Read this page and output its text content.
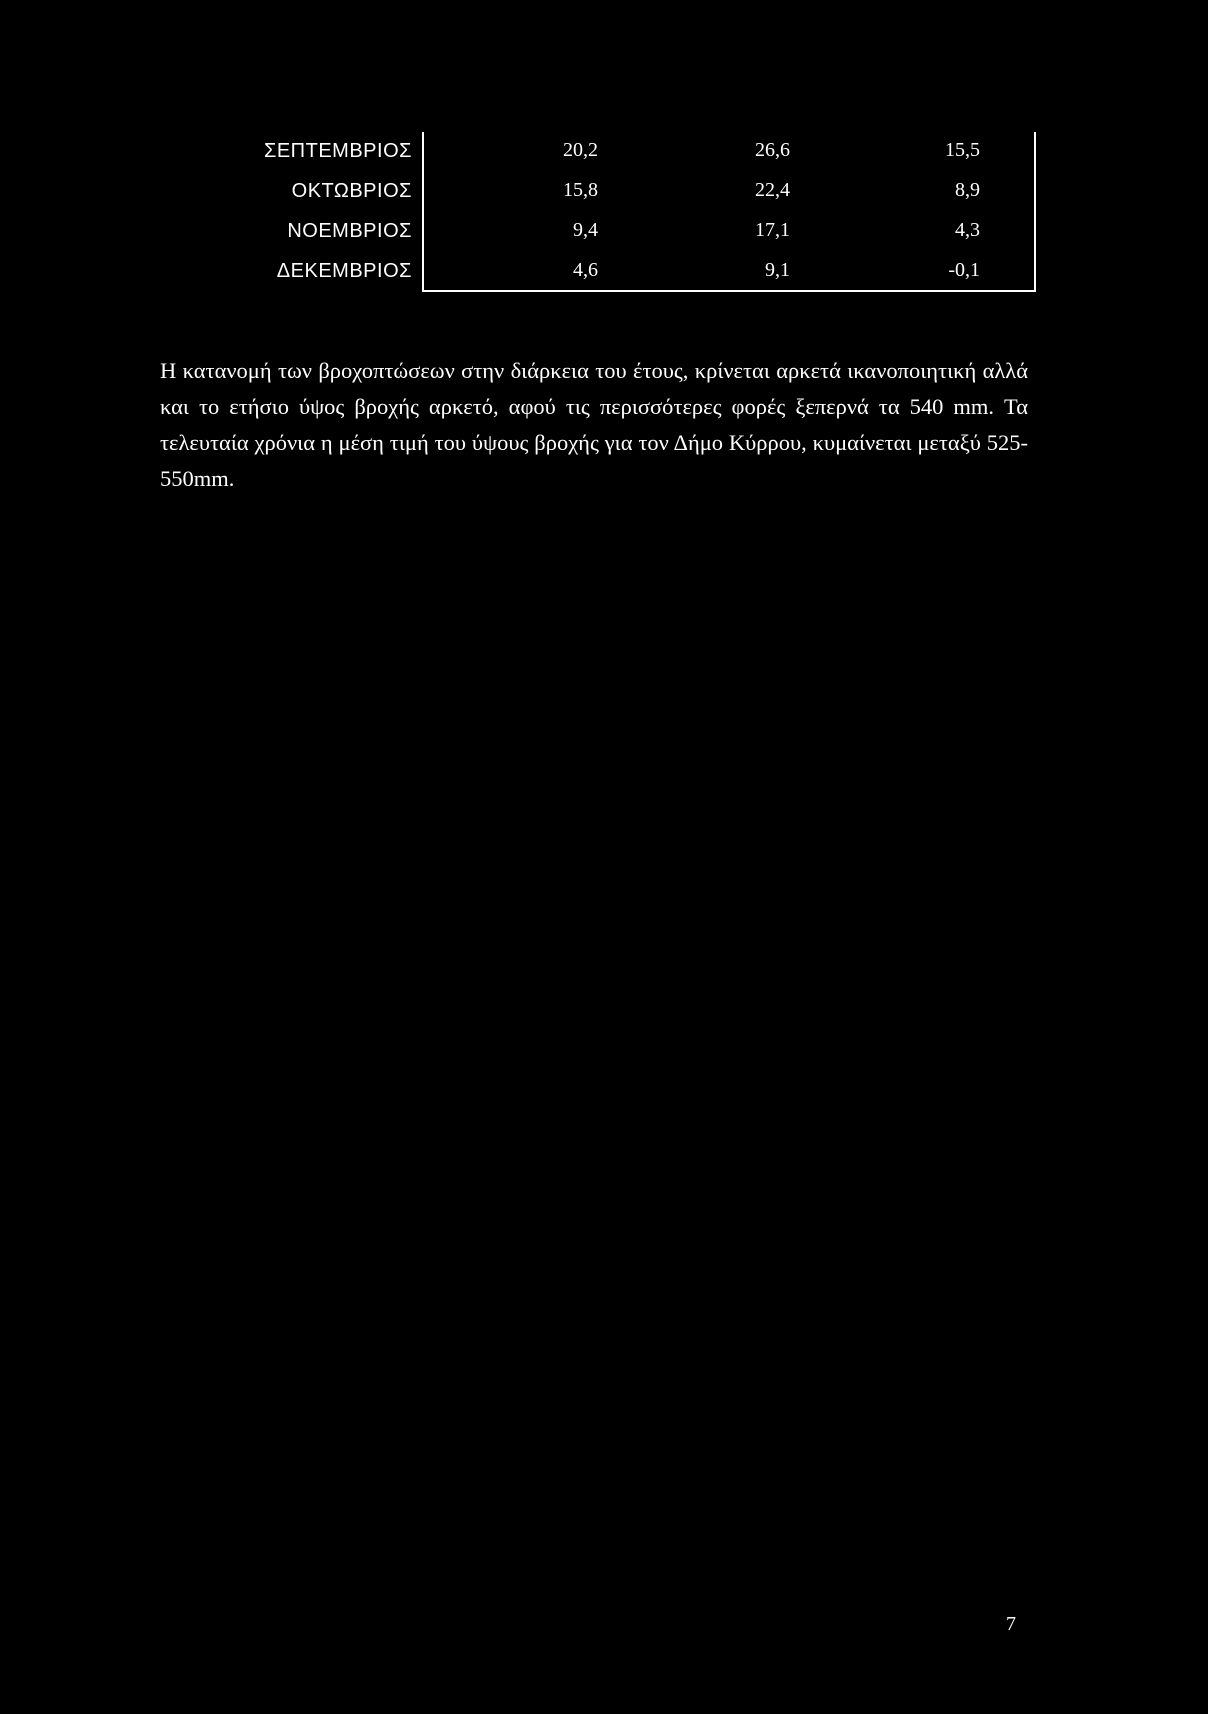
ΣΕΠΤΕΜΒΡΙΟΣ	20,2	26,6	15,5
ΟΚΤΩΒΡΙΟΣ	15,8	22,4	8,9
ΝΟΕΜΒΡΙΟΣ	9,4	17,1	4,3
ΔΕΚΕΜΒΡΙΟΣ	4,6	9,1	-0,1

Η κατανομή των βροχοπτώσεων στην διάρκεια του έτους, κρίνεται αρκετά ικανοποιητική αλλά και το ετήσιο ύψος βροχής αρκετό, αφού τις περισσότερες φορές ξεπερνά τα 540 mm. Τα τελευταία χρόνια η μέση τιμή του ύψους βροχής για τον Δήμο Κύρρου, κυμαίνεται μεταξύ 525-550mm.

7
